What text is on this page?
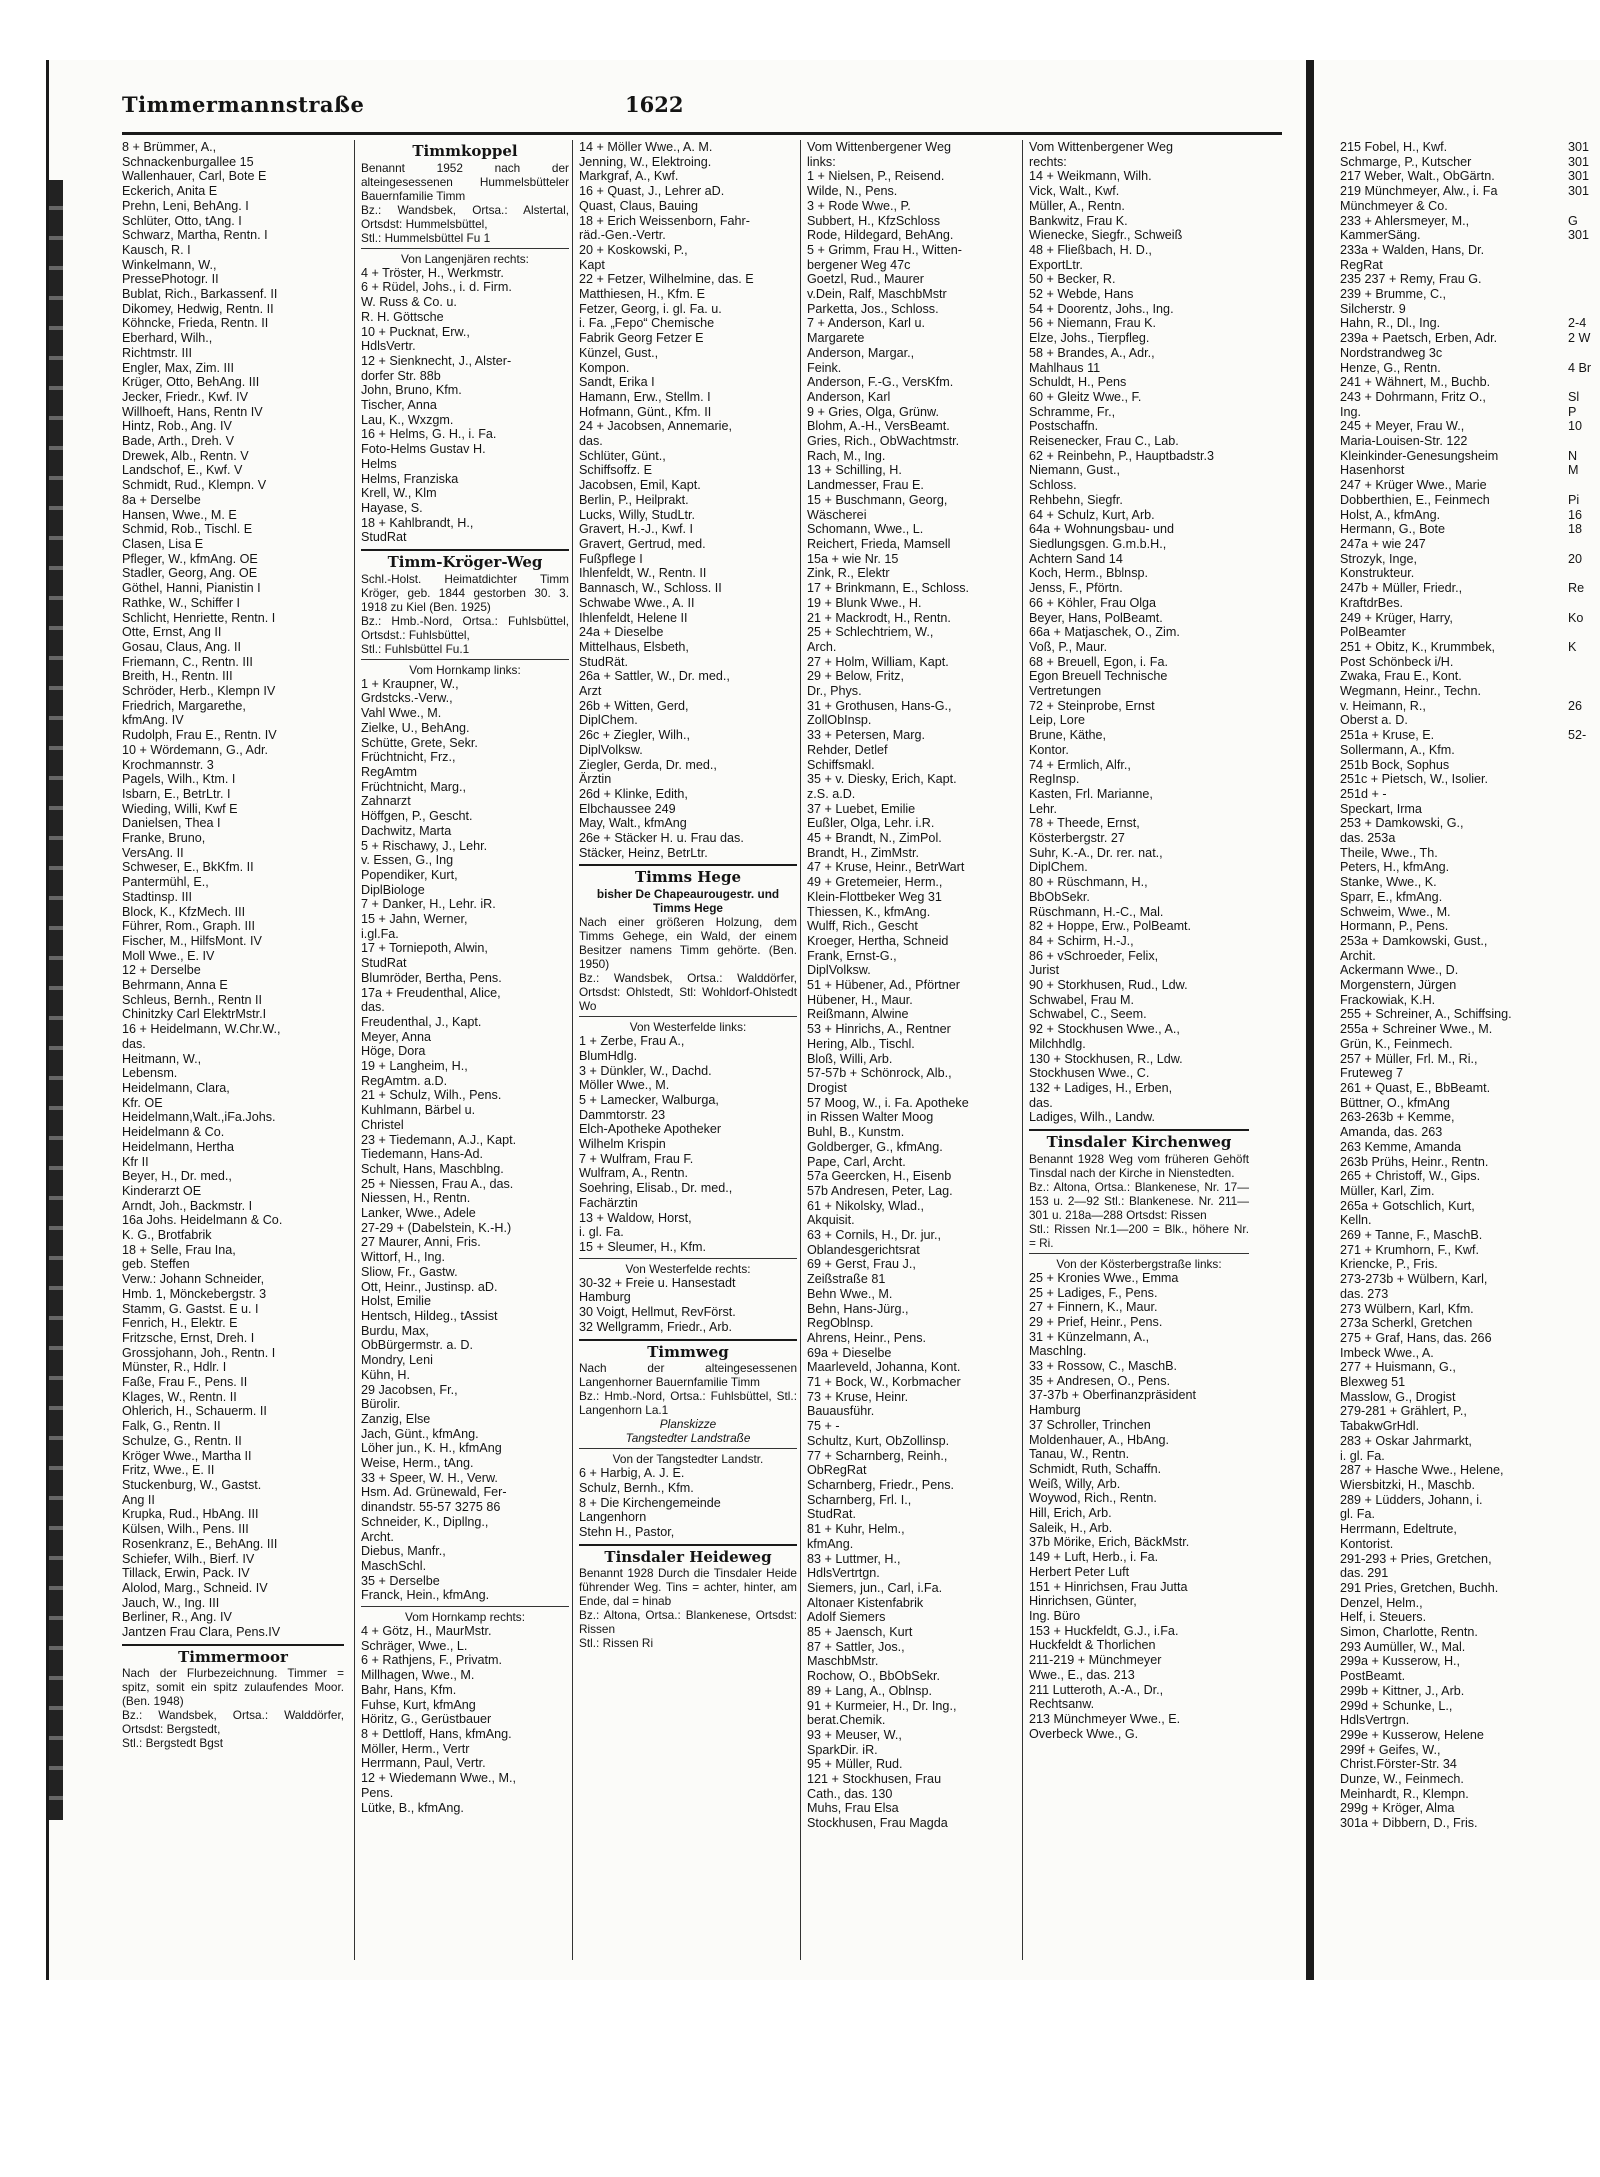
Timmermannstraße	1622
8 + Brümmer, A.,
Schnackenburgallee 15
Wallenhauer, Carl, Bote E
Eckerich, Anita E
Prehn, Leni, BehAng. I
Schlüter, Otto, tAng. I
Schwarz, Martha, Rentn. I
Kausch, R. I
Winkelmann, W.,
PressePhotogr. II
Bublat, Rich., Barkassenf. II
Dikomey, Hedwig, Rentn. II
Köhncke, Frieda, Rentn. II
Eberhard, Wilh.,
Richtmstr. III
Engler, Max, Zim. III
Krüger, Otto, BehAng. III
Jecker, Friedr., Kwf. IV
Willhoeft, Hans, Rentn IV
Hintz, Rob., Ang. IV
Bade, Arth., Dreh. V
Drewek, Alb., Rentn. V
Landschof, E., Kwf. V
Schmidt, Rud., Klempn. V
8a + Derselbe
Hansen, Wwe., M. E
Schmid, Rob., Tischl. E
Clasen, Lisa E
Pfleger, W., kfmAng. OE
Stadler, Georg, Ang. OE
Göthel, Hanni, Pianistin I
Rathke, W., Schiffer I
Schlicht, Henriette, Rentn. I
Otte, Ernst, Ang II
Gosau, Claus, Ang. II
Friemann, C., Rentn. III
Breith, H., Rentn. III
Schröder, Herb., Klempn IV
Friedrich, Margarethe,
kfmAng. IV
Rudolph, Frau E., Rentn. IV
10 + Wördemann, G., Adr.
Krochmannstr. 3
Pagels, Wilh., Ktm. I
Isbarn, E., BetrLtr. I
Wieding, Willi, Kwf E
Danielsen, Thea I
Franke, Bruno,
VersAng. II
Schweser, E., BkKfm. II
Pantermühl, E.,
Stadtinsp. III
Block, K., KfzMech. III
Führer, Rom., Graph. III
Fischer, M., HilfsMont. IV
Moll Wwe., E. IV
12 + Derselbe
Behrmann, Anna E
Schleus, Bernh., Rentn II
Chinitzky Carl ElektrMstr.I
16 + Heidelmann, W.Chr.W.,
das.
Heitmann, W.,
Lebensm.
Heidelmann, Clara,
Kfr. OE
Heidelmann,Walt.,iFa.Johs.
Heidelmann & Co.
Heidelmann, Hertha
Kfr II
Beyer, H., Dr. med.,
Kinderarzt OE
Arndt, Joh., Backmstr. I
16a Johs. Heidelmann & Co.
K. G., Brotfabrik
18 + Selle, Frau Ina,
geb. Steffen
Verw.: Johann Schneider,
Hmb. 1, Mönckebergstr. 3
Stamm, G. Gastst. E u. I
Fenrich, H., Elektr. E
Fritzsche, Ernst, Dreh. I
Grossjohann, Joh., Rentn. I
Münster, R., Hdlr. I
Faße, Frau F., Pens. II
Klages, W., Rentn. II
Ohlerich, H., Schauerm. II
Falk, G., Rentn. II
Schulze, G., Rentn. II
Kröger Wwe., Martha II
Fritz, Wwe., E. II
Stuckenburg, W., Gastst.
Ang II
Krupka, Rud., HbAng. III
Külsen, Wilh., Pens. III
Rosenkranz, E., BehAng. III
Schiefer, Wilh., Bierf. IV
Tillack, Erwin, Pack. IV
Alolod, Marg., Schneid. IV
Jauch, W., Ing. III
Berliner, R., Ang. IV
Jantzen Frau Clara, Pens.IV
Timmermoor
Nach der Flurbezeichnung. Timmer = spitz, somit ein spitz zulaufendes Moor. (Ben. 1948)
Bz.: Wandsbek, Ortsa.: Walddörfer, Ortsdst: Bergstedt,
Stl.: Bergstedt Bgst
Timmkoppel
Benannt 1952 nach der alteingesessenen Hummelsbütteler Bauernfamilie Timm
Bz.: Wandsbek, Ortsa.: Alstertal, Ortsdst: Hummelsbüttel,
Stl.: Hummelsbüttel Fu 1
Von Langenjären rechts:
4 + Tröster, H., Werkmstr.
6 + Rüdel, Johs., i. d. Firm.
W. Russ & Co. u.
R. H. Göttsche
10 + Pucknat, Erw.,
HdlsVertr.
12 + Sienknecht, J., Alster-
dorfer Str. 88b
John, Bruno, Kfm.
Tischer, Anna
Lau, K., Wxzgm.
16 + Helms, G. H., i. Fa.
Foto-Helms Gustav H.
Helms
Helms, Franziska
Krell, W., Klm
Hayase, S.
18 + Kahlbrandt, H.,
StudRat
Timm-Kröger-Weg
Schl.-Holst. Heimatdichter Timm Kröger, geb. 1844 gestorben 30. 3. 1918 zu Kiel (Ben. 1925)
Bz.: Hmb.-Nord, Ortsa.: Fuhlsbüttel, Ortsdst.: Fuhlsbüttel,
Stl.: Fuhlsbüttel Fu.1
Vom Hornkamp links:
1 + Kraupner, W.,
Grdstcks.-Verw.,
Vahl Wwe., M.
Zielke, U., BehAng.
Schütte, Grete, Sekr.
Früchtnicht, Frz.,
RegAmtm
Früchtnicht, Marg.,
Zahnarzt
Höffgen, P., Gescht.
Dachwitz, Marta
5 + Rischawy, J., Lehr.
v. Essen, G., Ing
Popendiker, Kurt,
DiplBiologe
7 + Danker, H., Lehr. iR.
15 + Jahn, Werner,
i.gl.Fa.
17 + Torniepoth, Alwin,
StudRat
Blumröder, Bertha, Pens.
17a + Freudenthal, Alice,
das.
Freudenthal, J., Kapt.
Meyer, Anna
Höge, Dora
19 + Langheim, H.,
RegAmtm. a.D.
21 + Schulz, Wilh., Pens.
Kuhlmann, Bärbel u.
Christel
23 + Tiedemann, A.J., Kapt.
Tiedemann, Hans-Ad.
Schult, Hans, Maschblng.
25 + Niessen, Frau A., das.
Niessen, H., Rentn.
Lanker, Wwe., Adele
27-29 + (Dabelstein, K.-H.)
27 Maurer, Anni, Fris.
Wittorf, H., Ing.
Sliow, Fr., Gastw.
Ott, Heinr., Justinsp. aD.
Holst, Emilie
Hentsch, Hildeg., tAssist
Burdu, Max,
ObBürgermstr. a. D.
Mondry, Leni
Kühn, H.
29 Jacobsen, Fr.,
Bürolir.
Zanzig, Else
Jach, Günt., kfmAng.
Löher jun., K. H., kfmAng
Weise, Herm., tAng.
33 + Speer, W. H., Verw.
Hsm. Ad. Grünewald, Fer-
dinandstr. 55-57 3275 86
Schneider, K., Dipllng.,
Archt.
Diebus, Manfr.,
MaschSchl.
35 + Derselbe
Franck, Hein., kfmAng.
Vom Hornkamp rechts:
4 + Götz, H., MaurMstr.
Schräger, Wwe., L.
6 + Rathjens, F., Privatm.
Millhagen, Wwe., M.
Bahr, Hans, Kfm.
Fuhse, Kurt, kfmAng
Höritz, G., Gerüstbauer
8 + Dettloff, Hans, kfmAng.
Möller, Herm., Vertr
Herrmann, Paul, Vertr.
12 + Wiedemann Wwe., M.,
Pens.
Lütke, B., kfmAng.
14 + Möller Wwe., A. M.
Jenning, W., Elektroing.
Markgraf, A., Kwf.
16 + Quast, J., Lehrer aD.
Quast, Claus, Bauing
18 + Erich Weissenborn, Fahr-
räd.-Gen.-Vertr.
20 + Koskowski, P.,
Kapt
22 + Fetzer, Wilhelmine, das. E
Matthiesen, H., Kfm. E
Fetzer, Georg, i. gl. Fa. u.
i. Fa. „Fepo“ Chemische
Fabrik Georg Fetzer E
Künzel, Gust.,
Kompon.
Sandt, Erika I
Hamann, Erw., Stellm. I
Hofmann, Günt., Kfm. II
24 + Jacobsen, Annemarie,
das.
Schlüter, Günt.,
Schiffsoffz. E
Jacobsen, Emil, Kapt.
Berlin, P., Heilprakt.
Lucks, Willy, StudLtr.
Gravert, H.-J., Kwf. I
Gravert, Gertrud, med.
Fußpflege I
Ihlenfeldt, W., Rentn. II
Bannasch, W., Schloss. II
Schwabe Wwe., A. II
Ihlenfeldt, Helene II
24a + Dieselbe
Mittelhaus, Elsbeth,
StudRät.
26a + Sattler, W., Dr. med.,
Arzt
26b + Witten, Gerd,
DiplChem.
26c + Ziegler, Wilh.,
DiplVolksw.
Ziegler, Gerda, Dr. med.,
Ärztin
26d + Klinke, Edith,
Elbchaussee 249
May, Walt., kfmAng
26e + Stäcker H. u. Frau das.
Stäcker, Heinz, BetrLtr.
Timms Hege
bisher De Chapeaurougestr. und Timms Hege
Nach einer größeren Holzung, dem Timms Gehege, ein Wald, der einem Besitzer namens Timm gehörte. (Ben. 1950)
Bz.: Wandsbek, Ortsa.: Walddörfer, Ortsdst: Ohlstedt, Stl: Wohldorf-Ohlstedt Wo
Von Westerfelde links:
1 + Zerbe, Frau A.,
BlumHdlg.
3 + Dünkler, W., Dachd.
Möller Wwe., M.
5 + Lamecker, Walburga,
Dammtorstr. 23
Elch-Apotheke Apotheker
Wilhelm Krispin
7 + Wulfram, Frau F.
Wulfram, A., Rentn.
Soehring, Elisab., Dr. med.,
Fachärztin
13 + Waldow, Horst,
i. gl. Fa.
15 + Sleumer, H., Kfm.
Von Westerfelde rechts:
30-32 + Freie u. Hansestadt
Hamburg
30 Voigt, Hellmut, RevFörst.
32 Wellgramm, Friedr., Arb.
Timmweg
Nach der alteingesessenen Langenhorner Bauernfamilie Timm
Bz.: Hmb.-Nord, Ortsa.: Fuhlsbüttel, Stl.: Langenhorn La.1
Planskizze
Tangstedter Landstraße
Von der Tangstedter Landstr.
6 + Harbig, A. J. E.
Schulz, Bernh., Kfm.
8 + Die Kirchengemeinde
Langenhorn
Stehn H., Pastor,
Tinsdaler Heideweg
Benannt 1928 Durch die Tinsdaler Heide führender Weg. Tins = achter, hinter, am Ende, dal = hinab
Bz.: Altona, Ortsa.: Blankenese, Ortsdst: Rissen
Stl.: Rissen Ri
Vom Wittenbergener Weg
links:
1 + Nielsen, P., Reisend.
Wilde, N., Pens.
3 + Rode Wwe., P.
Subbert, H., KfzSchloss
Rode, Hildegard, BehAng.
5 + Grimm, Frau H., Witten-
bergener Weg 47c
Goetzl, Rud., Maurer
v.Dein, Ralf, MaschbMstr
Parketta, Jos., Schloss.
7 + Anderson, Karl u.
Margarete
Anderson, Margar.,
Feink.
Anderson, F.-G., VersKfm.
Anderson, Karl
9 + Gries, Olga, Grünw.
Blohm, A.-H., VersBeamt.
Gries, Rich., ObWachtmstr.
Rach, M., Ing.
13 + Schilling, H.
Landmesser, Frau E.
15 + Buschmann, Georg,
Wäscherei
Schomann, Wwe., L.
Reichert, Frieda, Mamsell
15a + wie Nr. 15
Zink, R., Elektr
17 + Brinkmann, E., Schloss.
19 + Blunk Wwe., H.
21 + Mackrodt, H., Rentn.
25 + Schlechtriem, W.,
Arch.
27 + Holm, William, Kapt.
29 + Below, Fritz,
Dr., Phys.
31 + Grothusen, Hans-G.,
ZollObInsp.
33 + Petersen, Marg.
Rehder, Detlef
Schiffsmakl.
35 + v. Diesky, Erich, Kapt.
z.S. a.D.
37 + Luebet, Emilie
Eußler, Olga, Lehr. i.R.
45 + Brandt, N., ZimPol.
Brandt, H., ZimMstr.
47 + Kruse, Heinr., BetrWart
49 + Gretemeier, Herm.,
Klein-Flottbeker Weg 31
Thiessen, K., kfmAng.
Wulff, Rich., Gescht
Kroeger, Hertha, Schneid
Frank, Ernst-G.,
DiplVolksw.
51 + Hübener, Ad., Pförtner
Hübener, H., Maur.
Reißmann, Alwine
53 + Hinrichs, A., Rentner
Hering, Alb., Tischl.
Bloß, Willi, Arb.
57-57b + Schönrock, Alb.,
Drogist
57 Moog, W., i. Fa. Apotheke
in Rissen Walter Moog
Buhl, B., Kunstm.
Goldberger, G., kfmAng.
Pape, Carl, Archt.
57a Geercken, H., Eisenb
57b Andresen, Peter, Lag.
61 + Nikolsky, Wlad.,
Akquisit.
63 + Cornils, H., Dr. jur.,
Oblandesgerichtsrat
69 + Gerst, Frau J.,
Zeißstraße 81
Behn Wwe., M.
Behn, Hans-Jürg.,
RegOblnsp.
Ahrens, Heinr., Pens.
69a + Dieselbe
Maarleveld, Johanna, Kont.
71 + Bock, W., Korbmacher
73 + Kruse, Heinr.
Bauausführ.
75 + -
Schultz, Kurt, ObZollinsp.
77 + Scharnberg, Reinh.,
ObRegRat
Scharnberg, Friedr., Pens.
Scharnberg, Frl. I.,
StudRat.
81 + Kuhr, Helm.,
kfmAng.
83 + Luttmer, H.,
HdlsVertrtgn.
Siemers, jun., Carl, i.Fa.
Altonaer Kistenfabrik
Adolf Siemers
85 + Jaensch, Kurt
87 + Sattler, Jos.,
MaschbMstr.
Rochow, O., BbObSekr.
89 + Lang, A., Oblnsp.
91 + Kurmeier, H., Dr. Ing.,
berat.Chemik.
93 + Meuser, W.,
SparkDir. iR.
95 + Müller, Rud.
121 + Stockhusen, Frau
Cath., das. 130
Muhs, Frau Elsa
Stockhusen, Frau Magda
Vom Wittenbergener Weg
rechts:
14 + Weikmann, Wilh.
Vick, Walt., Kwf.
Müller, A., Rentn.
Bankwitz, Frau K.
Wienecke, Siegfr., Schweiß
48 + Fließbach, H. D.,
ExportLtr.
50 + Becker, R.
52 + Webde, Hans
54 + Doorentz, Johs., Ing.
56 + Niemann, Frau K.
Elze, Johs., Tierpfleg.
58 + Brandes, A., Adr.,
Mahlhaus 11
Schuldt, H., Pens
60 + Gleitz Wwe., F.
Schramme, Fr.,
Postschaffn.
Reisenecker, Frau C., Lab.
62 + Reinbehn, P., Hauptbadstr.3
Niemann, Gust.,
Schloss.
Rehbehn, Siegfr.
64 + Schulz, Kurt, Arb.
64a + Wohnungsbau- und
Siedlungsgen. G.m.b.H.,
Achtern Sand 14
Koch, Herm., Bblnsp.
Jenss, F., Pförtn.
66 + Köhler, Frau Olga
Beyer, Hans, PolBeamt.
66a + Matjaschek, O., Zim.
Voß, P., Maur.
68 + Breuell, Egon, i. Fa.
Egon Breuell Technische
Vertretungen
72 + Steinprobe, Ernst
Leip, Lore
Brune, Käthe,
Kontor.
74 + Ermlich, Alfr.,
RegInsp.
Kasten, Frl. Marianne,
Lehr.
78 + Theede, Ernst,
Kösterbergstr. 27
Suhr, K.-A., Dr. rer. nat.,
DiplChem.
80 + Rüschmann, H.,
BbObSekr.
Rüschmann, H.-C., Mal.
82 + Hoppe, Erw., PolBeamt.
84 + Schirm, H.-J.,
86 + vSchroeder, Felix,
Jurist
90 + Storkhusen, Rud., Ldw.
Schwabel, Frau M.
Schwabel, C., Seem.
92 + Stockhusen Wwe., A.,
Milchhdlg.
130 + Stockhusen, R., Ldw.
Stockhusen Wwe., C.
132 + Ladiges, H., Erben,
das.
Ladiges, Wilh., Landw.
Tinsdaler Kirchenweg
Benannt 1928 Weg vom früheren Gehöft Tinsdal nach der Kirche in Nienstedten.
Bz.: Altona, Ortsa.: Blankenese, Nr. 17—153 u. 2—92 Stl.: Blankenese. Nr. 211—301 u. 218a—288 Ortsdst: Rissen
Stl.: Rissen Nr.1—200 = Blk., höhere Nr. = Ri.
Von der Kösterbergstraße links:
25 + Kronies Wwe., Emma
25 + Ladiges, F., Pens.
27 + Finnern, K., Maur.
29 + Prief, Heinr., Pens.
31 + Künzelmann, A.,
Maschlng.
33 + Rossow, C., MaschB.
35 + Andresen, O., Pens.
37-37b + Oberfinanzpräsident
Hamburg
37 Schroller, Trinchen
Moldenhauer, A., HbAng.
Tanau, W., Rentn.
Schmidt, Ruth, Schaffn.
Weiß, Willy, Arb.
Woywod, Rich., Rentn.
Hill, Erich, Arb.
Saleik, H., Arb.
37b Mörike, Erich, BäckMstr.
149 + Luft, Herb., i. Fa.
Herbert Peter Luft
151 + Hinrichsen, Frau Jutta
Hinrichsen, Günter,
Ing. Büro
153 + Huckfeldt, G.J., i.Fa.
Huckfeldt & Thorlichen
211-219 + Münchmeyer
Wwe., E., das. 213
211 Lutteroth, A.-A., Dr.,
Rechtsanw.
213 Münchmeyer Wwe., E.
Overbeck Wwe., G.
215 Fobel, H., Kwf.
Schmarge, P., Kutscher
217 Weber, Walt., ObGärtn.
219 Münchmeyer, Alw., i. Fa
Münchmeyer & Co.
233 + Ahlersmeyer, M.,
KammerSäng.
233a + Walden, Hans, Dr.
RegRat
235 237 + Remy, Frau G.
239 + Brumme, C.,
Silcherstr. 9
Hahn, R., Dl., Ing.
239a + Paetsch, Erben, Adr.
Nordstrandweg 3c
Henze, G., Rentn.
241 + Wähnert, M., Buchb.
243 + Dohrmann, Fritz O.,
Ing.
245 + Meyer, Frau W.,
Maria-Louisen-Str. 122
Kleinkinder-Genesungsheim
Hasenhorst
247 + Krüger Wwe., Marie
Dobberthien, E., Feinmech
Holst, A., kfmAng.
Hermann, G., Bote
247a + wie 247
Strozyk, Inge,
Konstrukteur.
247b + Müller, Friedr.,
KraftdrBes.
249 + Krüger, Harry,
PolBeamter
251 + Obitz, K., Krummbek,
Post Schönbeck i/H.
Zwaka, Frau E., Kont.
Wegmann, Heinr., Techn.
v. Heimann, R.,
Oberst a. D.
251a + Kruse, E.
Sollermann, A., Kfm.
251b Bock, Sophus
251c + Pietsch, W., Isolier.
251d + -
Speckart, Irma
253 + Damkowski, G.,
das. 253a
Theile, Wwe., Th.
Peters, H., kfmAng.
Stanke, Wwe., K.
Sparr, E., kfmAng.
Schweim, Wwe., M.
Hormann, P., Pens.
253a + Damkowski, Gust.,
Archit.
Ackermann Wwe., D.
Morgenstern, Jürgen
Frackowiak, K.H.
255 + Schreiner, A., Schiffsing.
255a + Schreiner Wwe., M.
Grün, K., Feinmech.
257 + Müller, Frl. M., Ri.,
Fruteweg 7
261 + Quast, E., BbBeamt.
Büttner, O., kfmAng
263-263b + Kemme,
Amanda, das. 263
263 Kemme, Amanda
263b Prühs, Heinr., Rentn.
265 + Christoff, W., Gips.
Müller, Karl, Zim.
265a + Gotschlich, Kurt,
Kelln.
269 + Tanne, F., MaschB.
271 + Krumhorn, F., Kwf.
Kriencke, P., Fris.
273-273b + Wülbern, Karl,
das. 273
273 Wülbern, Karl, Kfm.
273a Scherkl, Gretchen
275 + Graf, Hans, das. 266
Imbeck Wwe., A.
277 + Huismann, G.,
Blexweg 51
Masslow, G., Drogist
279-281 + Grählert, P.,
TabakwGrHdl.
283 + Oskar Jahrmarkt,
i. gl. Fa.
287 + Hasche Wwe., Helene,
Wiersbitzki, H., Maschb.
289 + Lüdders, Johann, i.
gl. Fa.
Herrmann, Edeltrute,
Kontorist.
291-293 + Pries, Gretchen,
das. 291
291 Pries, Gretchen, Buchh.
Denzel, Helm.,
Helf, i. Steuers.
Simon, Charlotte, Rentn.
293 Aumüller, W., Mal.
299a + Kusserow, H.,
PostBeamt.
299b + Kittner, J., Arb.
299d + Schunke, L.,
HdlsVertrgn.
299e + Kusserow, Helene
299f + Geifes, W.,
Christ.Förster-Str. 34
Dunze, W., Feinmech.
Meinhardt, R., Klempn.
299g + Kröger, Alma
301a + Dibbern, D., Fris.
301
301
301
301

G
301

2-4
2 W

4 Br

Sl
P
10

N
M

Pi
16
18

20

Re

Ko

K

26

52-
